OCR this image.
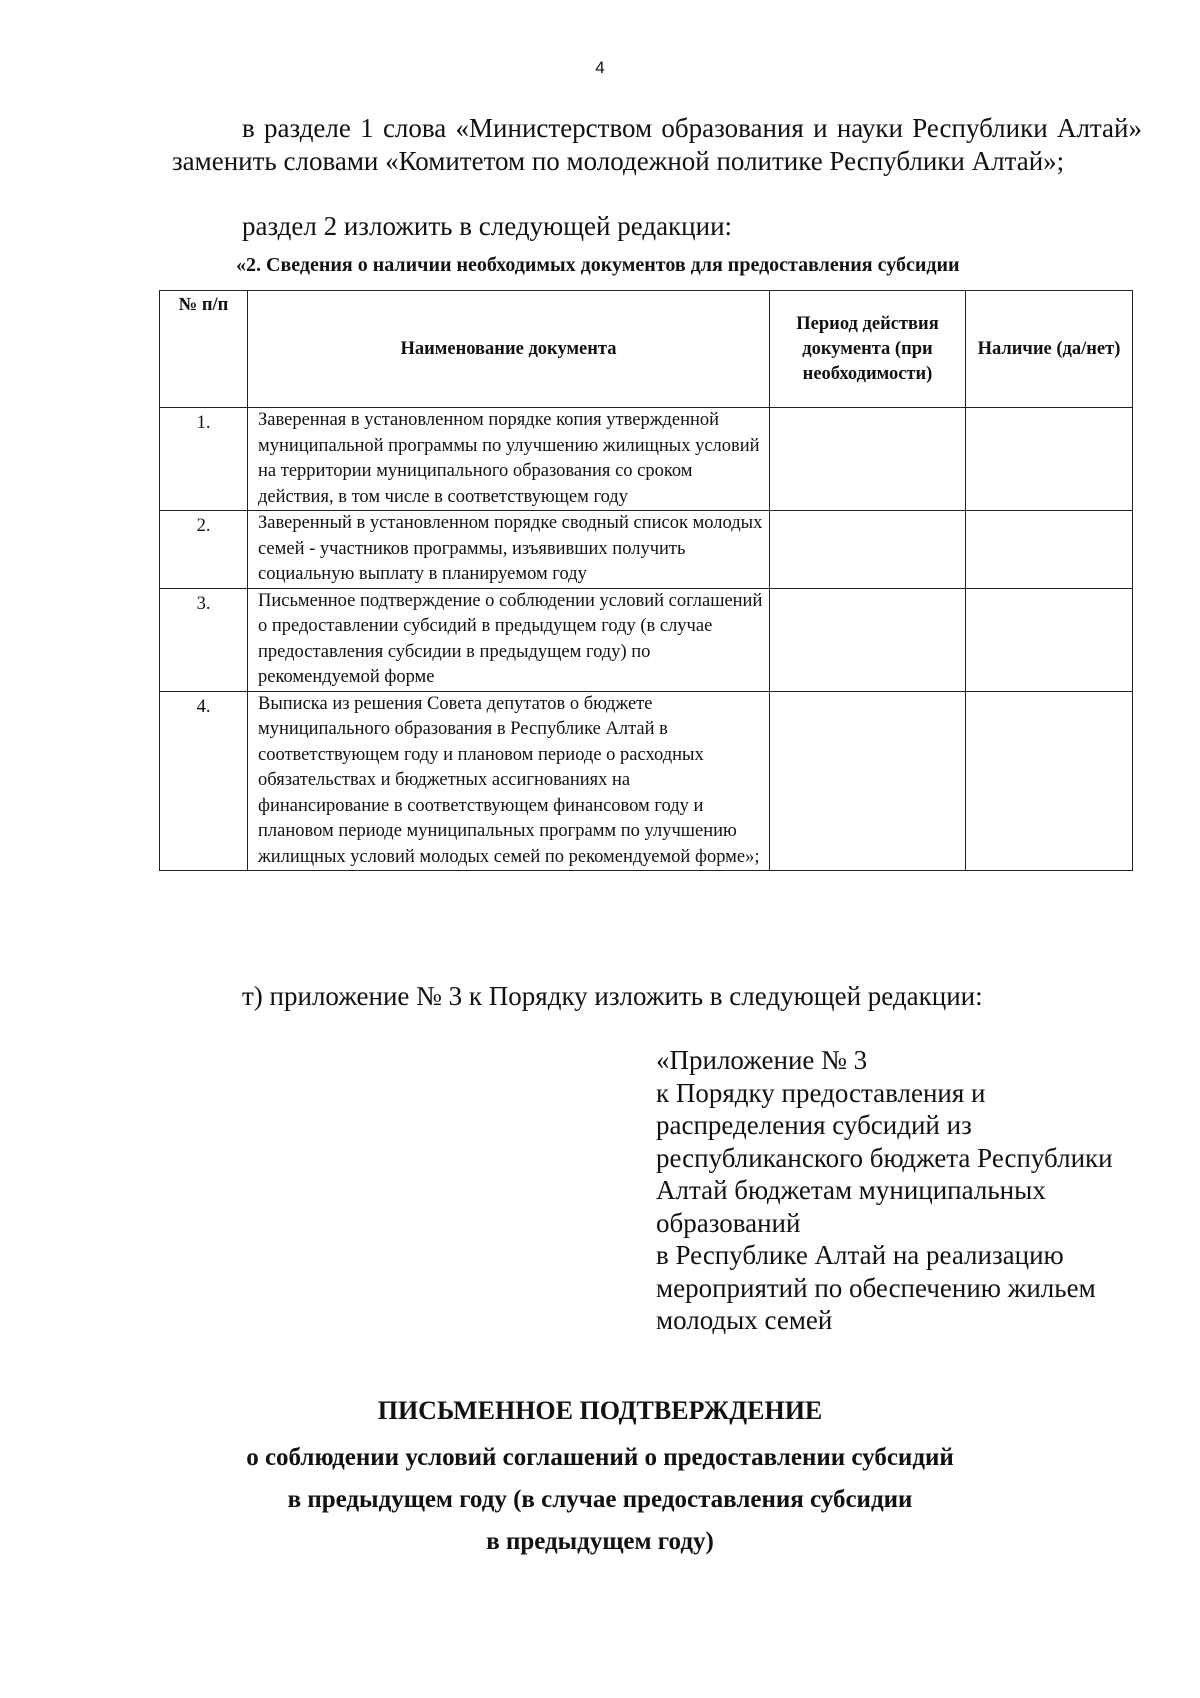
4
в разделе 1 слова «Министерством образования и науки Республики Алтай» заменить словами «Комитетом по молодежной политике Республики Алтай»;
раздел 2 изложить в следующей редакции:
«2. Сведения о наличии необходимых документов для предоставления субсидии
№ п/п	Наименование документа	Период действия документа (при необходимости)	Наличие (да/нет)
1.	Заверенная в установленном порядке копия утвержденной муниципальной программы по улучшению жилищных условий на территории муниципального образования со сроком действия, в том числе в соответствующем году		
2.	Заверенный в установленном порядке сводный список молодых семей - участников программы, изъявивших получить социальную выплату в планируемом году		
3.	Письменное подтверждение о соблюдении условий соглашений о предоставлении субсидий в предыдущем году (в случае предоставления субсидии в предыдущем году) по рекомендуемой форме		
4.	Выписка из решения Совета депутатов о бюджете муниципального образования в Республике Алтай в соответствующем году и плановом периоде о расходных обязательствах и бюджетных ассигнованиях на финансирование в соответствующем финансовом году и плановом периоде муниципальных программ по улучшению жилищных условий молодых семей по рекомендуемой форме»;		
т) приложение № 3 к Порядку изложить в следующей редакции:
«Приложение № 3
к Порядку предоставления и
распределения субсидий из
республиканского бюджета Республики
Алтай бюджетам муниципальных
образований
в Республике Алтай на реализацию
мероприятий по обеспечению жильем
молодых семей
ПИСЬМЕННОЕ ПОДТВЕРЖДЕНИЕ
о соблюдении условий соглашений о предоставлении субсидий
в предыдущем году (в случае предоставления субсидии
в предыдущем году)
